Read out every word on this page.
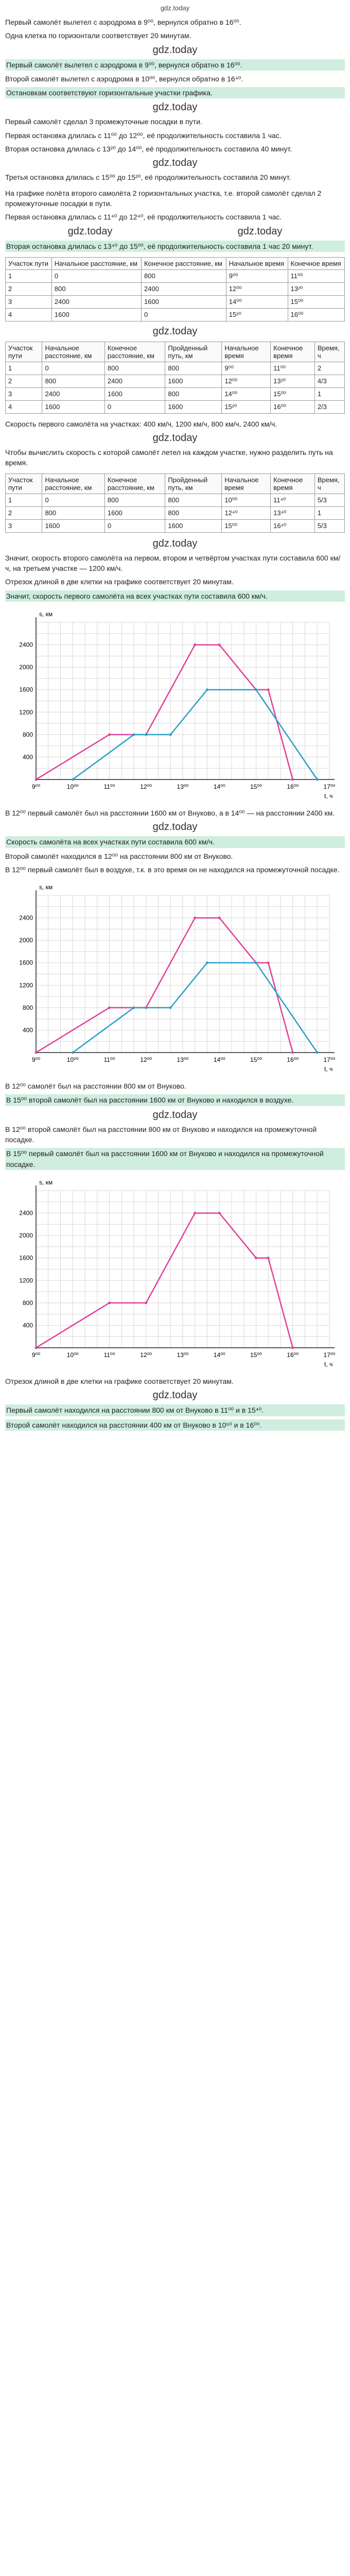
gdz.today

Первый самолёт вылетел с аэродрома в 9⁰⁰, вернулся обратно в 16⁰⁰.

Одна клетка по горизонтали соответствует 20 минутам.

gdz.today

Первый самолёт вылетел с аэродрома в 9⁰⁰, вернулся обратно в 16⁰⁰.

Второй самолёт вылетел с аэродрома в 10⁰⁰, вернулся обратно в 16⁴⁰.

Остановкам соответствуют горизонтальные участки графика.

gdz.today

Первый самолёт сделал 3 промежуточные посадки в пути.

Первая остановка длилась с 11⁰⁰ до 12⁰⁰, её продолжительность составила 1 час.

Вторая остановка длилась с 13²⁰ до 14⁰⁰, её продолжительность составила 40 минут.

gdz.today

Третья остановка длилась с 15⁰⁰ до 15²⁰, её продолжительность составила 20 минут.

На графике полёта второго самолёта 2 горизонтальных участка, т.е. второй самолёт сделал 2 промежуточные посадки в пути.

Первая остановка длилась с 11⁴⁰ до 12⁴⁰, её продолжительность составила 1 час.

gdz.today	gdz.today

Вторая остановка длилась с 13⁴⁰ до 15⁰⁰, её продолжительность составила 1 час 20 минут.

Участок пути	Начальное расстояние, км	Конечное расстояние, км	Начальное время	Конечное время
1	0	800	9⁰⁰	11⁰⁰
2	800	2400	12⁰⁰	13²⁰
3	2400	1600	14⁰⁰	15⁰⁰
4	1600	0	15²⁰	16⁰⁰
gdz.today
Участок пути	Начальное расстояние, км	Конечное расстояние, км	Пройденный путь, км	Начальное время	Конечное время	Время, ч
1	0	800	800	9⁰⁰	11⁰⁰	2
2	800	2400	1600	12⁰⁰	13²⁰	4/3
3	2400	1600	800	14⁰⁰	15⁰⁰	1
4	1600	0	1600	15²⁰	16⁰⁰	2/3

Скорость первого самолёта на участках: 400 км/ч, 1200 км/ч, 800 км/ч, 2400 км/ч.

gdz.today

Чтобы вычислить скорость с которой самолёт летел на каждом участке, нужно разделить путь на время.

Участок пути	Начальное расстояние, км	Конечное расстояние, км	Пройденный путь, км	Начальное время	Конечное время	Время, ч
1	0	800	800	10⁰⁰	11⁴⁰	5/3
2	800	1600	800	12⁴⁰	13⁴⁰	1
3	1600	0	1600	15⁰⁰	16⁴⁰	5/3
gdz.today

Значит, скорость второго самолёта на первом, втором и четвёртом участках пути составила 600 км/ч, на третьем участке — 1200 км/ч.

Отрезок длиной в две клетки на графике соответствует 20 минутам.

Значит, скорость первого самолёта на всех участках пути составила 600 км/ч.

9⁰⁰	10⁰⁰	11⁰⁰	12⁰⁰	13⁰⁰	14⁰⁰	15⁰⁰	16⁰⁰	17⁰⁰
400
800
1200
1600
2000
2400
t, ч
s, км

В 12⁰⁰ первый самолёт был на расстоянии 1600 км от Внуково, а в 14⁰⁰ — на расстоянии 2400 км.

gdz.today

Скорость самолёта на всех участках пути составила 600 км/ч.

Второй самолёт находился в 12⁰⁰ на расстоянии 800 км от Внуково.

В 12⁰⁰ первый самолёт был в воздухе, т.к. в это время он не находился на промежуточной посадке.

9⁰⁰	10⁰⁰	11⁰⁰	12⁰⁰	13⁰⁰	14⁰⁰	15⁰⁰	16⁰⁰	17⁰⁰
400
800
1200
1600
2000
2400
t, ч
s, км

В 12⁰⁰ самолёт был на расстоянии 800 км от Внуково.

В 15⁰⁰ второй самолёт был на расстоянии 1600 км от Внуково и находился в воздухе.

gdz.today

В 12⁰⁰ второй самолёт был на расстоянии 800 км от Внуково и находился на промежуточной посадке.

В 15⁰⁰ первый самолёт был на расстоянии 1600 км от Внуково и находился на промежуточной посадке.

9⁰⁰	10⁰⁰	11⁰⁰	12⁰⁰	13⁰⁰	14⁰⁰	15⁰⁰	16⁰⁰	17⁰⁰
400
800
1200
1600
2000
2400
t, ч
s, км

Отрезок длиной в две клетки на графике соответствует 20 минутам.

gdz.today

Первый самолёт находился на расстоянии 800 км от Внуково в 11⁰⁰ и в 15⁴⁰.

Второй самолёт находился на расстоянии 400 км от Внуково в 10⁵⁰ и в 16⁰⁰.
